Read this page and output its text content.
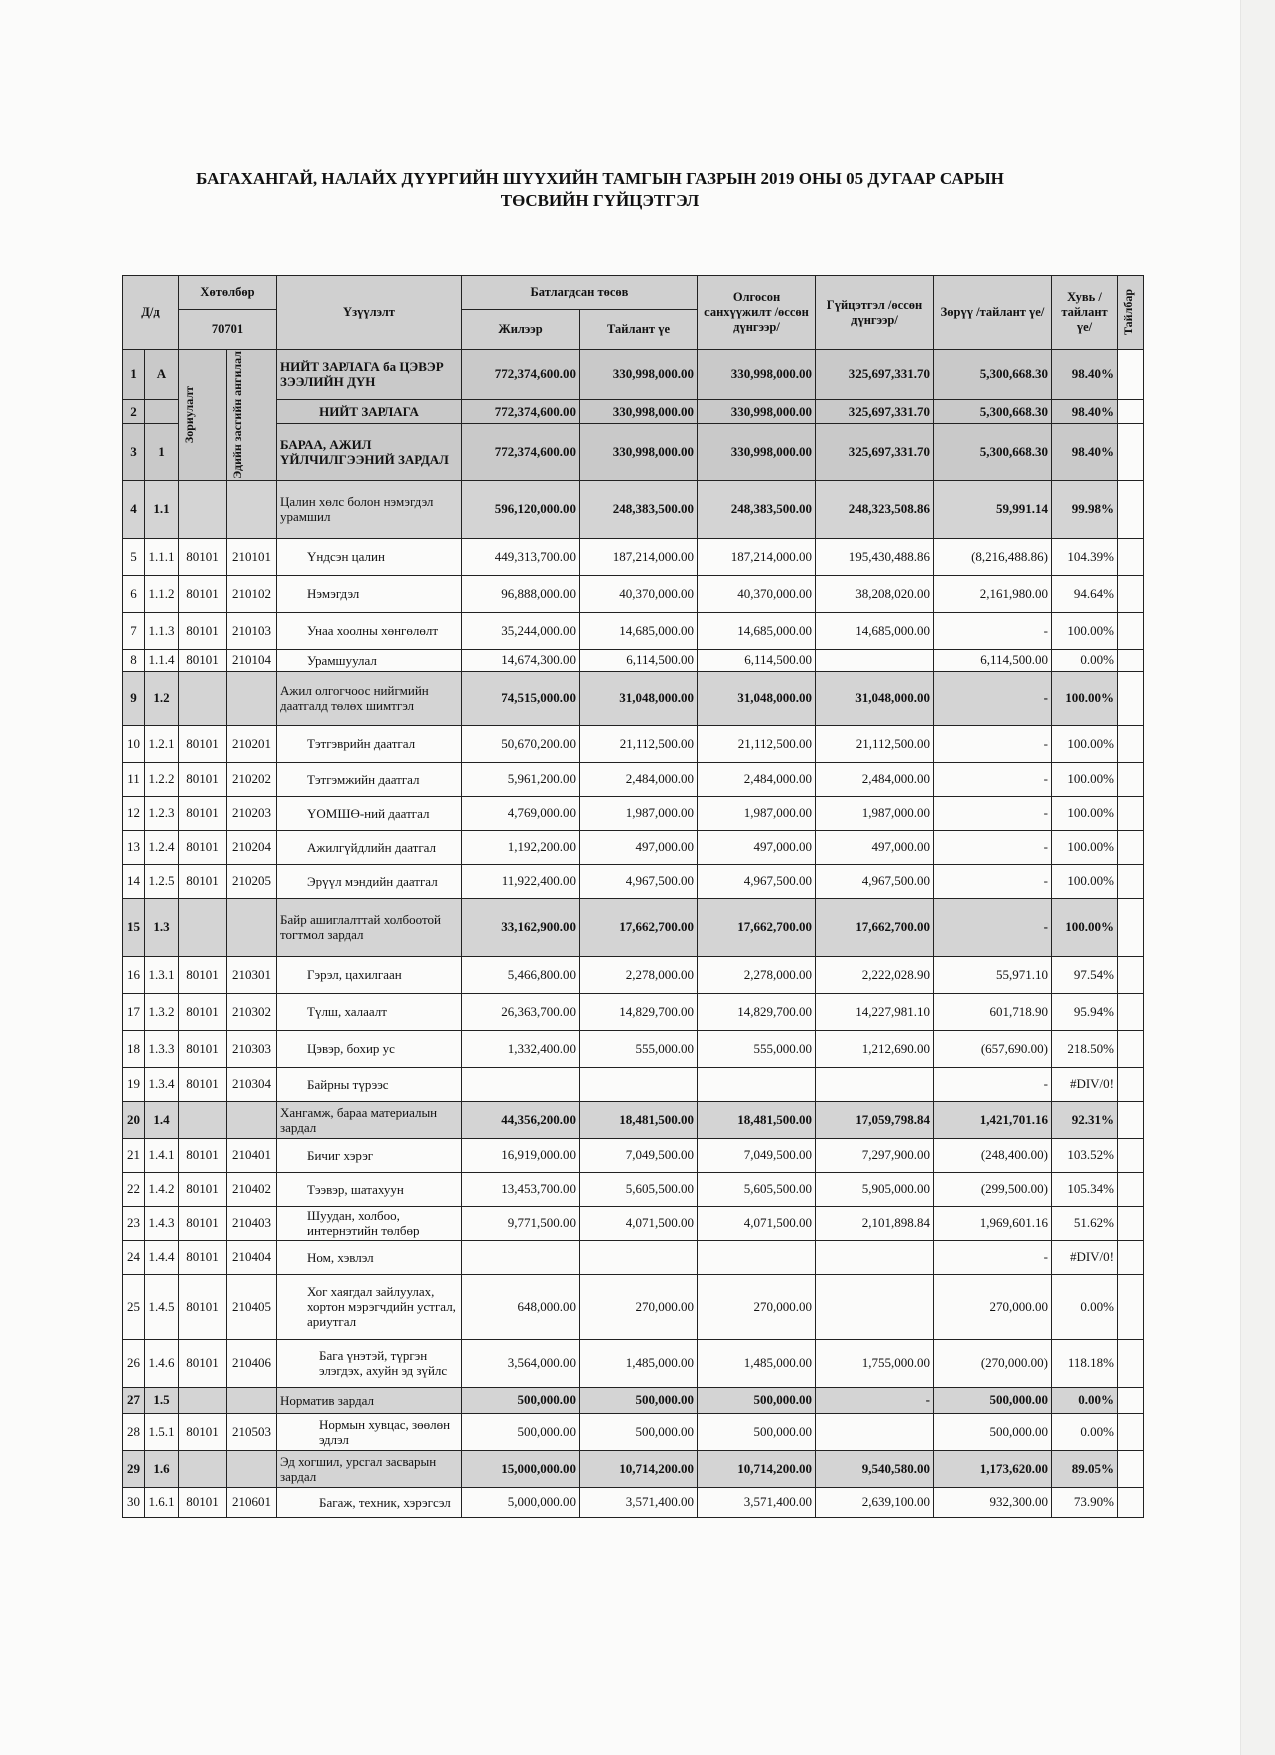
БАГАХАНГАЙ, НАЛАЙХ ДҮҮРГИЙН ШҮҮХИЙН ТАМГЫН ГАЗРЫН 2019 ОНЫ 05 ДУГААР САРЫН
ТӨСВИЙН ГҮЙЦЭТГЭЛ
Д/д		Хөтөлбөр		Үзүүлэлт	Батлагдсан төсөв		Олгосон санхүүжилт /өссөн дүнгээр/	Гүйцэтгэл /өссөн дүнгээр/	Зөрүү /тайлант үе/	Хувь /тайлант үе/	Тайлбар

		70701			Жилээр	Тайлант үе					
1	А	Зориулалт	Эдийн засгийн ангилал	НИЙТ ЗАРЛАГА ба ЦЭВЭР ЗЭЭЛИЙН ДҮН	772,374,600.00	330,998,000.00	330,998,000.00	325,697,331.70	5,300,668.30	98.40%	
2				НИЙТ ЗАРЛАГА	772,374,600.00	330,998,000.00	330,998,000.00	325,697,331.70	5,300,668.30	98.40%	
3	1			БАРАА, АЖИЛ ҮЙЛЧИЛГЭЭНИЙ ЗАРДАЛ	772,374,600.00	330,998,000.00	330,998,000.00	325,697,331.70	5,300,668.30	98.40%	
4	1.1			Цалин хөлс болон нэмэгдэл урамшил	596,120,000.00	248,383,500.00	248,383,500.00	248,323,508.86	59,991.14	99.98%	
5	1.1.1	80101	210101	Үндсэн цалин	449,313,700.00	187,214,000.00	187,214,000.00	195,430,488.86	(8,216,488.86)	104.39%	
6	1.1.2	80101	210102	Нэмэгдэл	96,888,000.00	40,370,000.00	40,370,000.00	38,208,020.00	2,161,980.00	94.64%	
7	1.1.3	80101	210103	Унаа хоолны хөнгөлөлт	35,244,000.00	14,685,000.00	14,685,000.00	14,685,000.00	-	100.00%	
8	1.1.4	80101	210104	Урамшуулал	14,674,300.00	6,114,500.00	6,114,500.00		6,114,500.00	0.00%	
9	1.2			Ажил олгогчоос нийгмийн даатгалд төлөх шимтгэл	74,515,000.00	31,048,000.00	31,048,000.00	31,048,000.00	-	100.00%	
10	1.2.1	80101	210201	Тэтгэврийн даатгал	50,670,200.00	21,112,500.00	21,112,500.00	21,112,500.00	-	100.00%	
11	1.2.2	80101	210202	Тэтгэмжийн даатгал	5,961,200.00	2,484,000.00	2,484,000.00	2,484,000.00	-	100.00%	
12	1.2.3	80101	210203	ҮОМШӨ-ний даатгал	4,769,000.00	1,987,000.00	1,987,000.00	1,987,000.00	-	100.00%	
13	1.2.4	80101	210204	Ажилгүйдлийн даатгал	1,192,200.00	497,000.00	497,000.00	497,000.00	-	100.00%	
14	1.2.5	80101	210205	Эрүүл мэндийн даатгал	11,922,400.00	4,967,500.00	4,967,500.00	4,967,500.00	-	100.00%	
15	1.3			Байр ашиглалттай холбоотой тогтмол зардал	33,162,900.00	17,662,700.00	17,662,700.00	17,662,700.00	-	100.00%	
16	1.3.1	80101	210301	Гэрэл, цахилгаан	5,466,800.00	2,278,000.00	2,278,000.00	2,222,028.90	55,971.10	97.54%	
17	1.3.2	80101	210302	Түлш, халаалт	26,363,700.00	14,829,700.00	14,829,700.00	14,227,981.10	601,718.90	95.94%	
18	1.3.3	80101	210303	Цэвэр, бохир ус	1,332,400.00	555,000.00	555,000.00	1,212,690.00	(657,690.00)	218.50%	
19	1.3.4	80101	210304	Байрны түрээс					-	#DIV/0!	
20	1.4			Хангамж, бараа материалын зардал	44,356,200.00	18,481,500.00	18,481,500.00	17,059,798.84	1,421,701.16	92.31%	
21	1.4.1	80101	210401	Бичиг хэрэг	16,919,000.00	7,049,500.00	7,049,500.00	7,297,900.00	(248,400.00)	103.52%	
22	1.4.2	80101	210402	Тээвэр, шатахуун	13,453,700.00	5,605,500.00	5,605,500.00	5,905,000.00	(299,500.00)	105.34%	
23	1.4.3	80101	210403	Шуудан, холбоо, интернэтийн төлбөр	9,771,500.00	4,071,500.00	4,071,500.00	2,101,898.84	1,969,601.16	51.62%	
24	1.4.4	80101	210404	Ном, хэвлэл					-	#DIV/0!	
25	1.4.5	80101	210405	Хог хаягдал зайлуулах, хортон мэрэгчдийн устгал, ариутгал	648,000.00	270,000.00	270,000.00		270,000.00	0.00%	
26	1.4.6	80101	210406	Бага үнэтэй, түргэн элэгдэх, ахуйн эд зүйлс	3,564,000.00	1,485,000.00	1,485,000.00	1,755,000.00	(270,000.00)	118.18%	
27	1.5			Норматив зардал	500,000.00	500,000.00	500,000.00	-	500,000.00	0.00%	
28	1.5.1	80101	210503	Нормын хувцас, зөөлөн эдлэл	500,000.00	500,000.00	500,000.00		500,000.00	0.00%	
29	1.6			Эд хогшил, урсгал засварын зардал	15,000,000.00	10,714,200.00	10,714,200.00	9,540,580.00	1,173,620.00	89.05%	
30	1.6.1	80101	210601	Багаж, техник, хэрэгсэл	5,000,000.00	3,571,400.00	3,571,400.00	2,639,100.00	932,300.00	73.90%	
